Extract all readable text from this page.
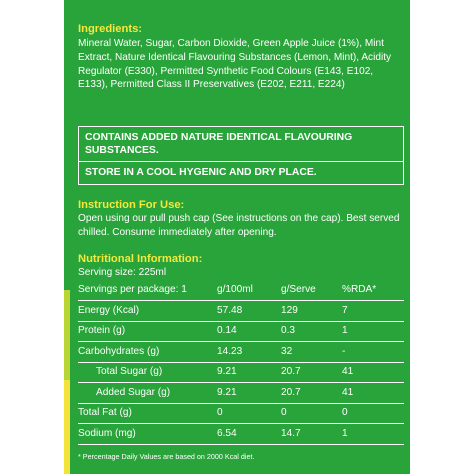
Ingredients:
Mineral Water, Sugar, Carbon Dioxide, Green Apple Juice (1%), Mint Extract, Nature Identical Flavouring Substances (Lemon, Mint), Acidity Regulator (E330), Permitted Synthetic Food Colours (E143, E102, E133), Permitted Class II Preservatives (E202, E211, E224)
CONTAINS ADDED NATURE IDENTICAL FLAVOURING SUBSTANCES.
STORE IN A COOL HYGENIC AND DRY PLACE.
Instruction For Use:
Open using our pull push cap (See instructions on the cap). Best served chilled. Consume immediately after opening.
Nutritional Information:
Serving size: 225ml
Servings per package: 1	g/100ml	g/Serve	%RDA*
Energy (Kcal)	57.48	129	7
Protein (g)	0.14	0.3	1
Carbohydrates (g)	14.23	32	-
Total Sugar (g)	9.21	20.7	41
Added Sugar (g)	9.21	20.7	41
Total Fat (g)	0	0	0
Sodium (mg)	6.54	14.7	1
* Percentage Daily Values are based on 2000 Kcal diet.
